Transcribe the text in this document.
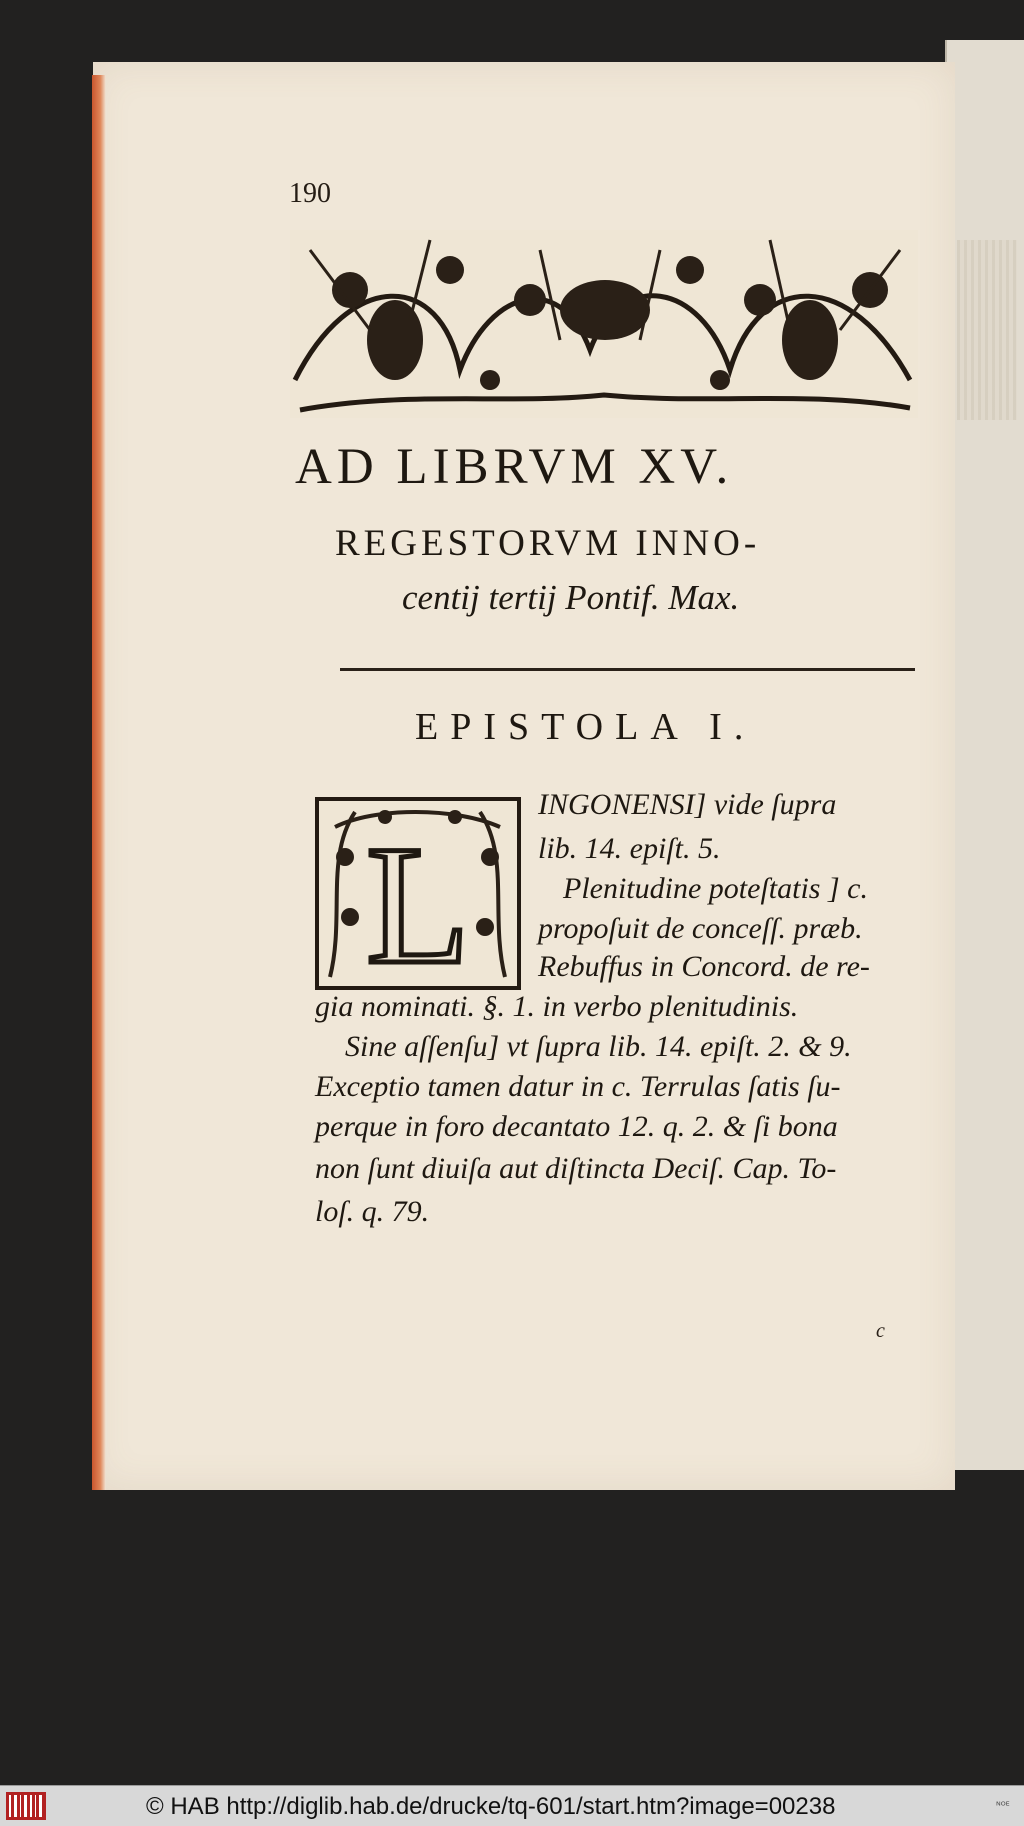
190
AD LIBRVM XV.
REGESTORVM INNO-
centij tertij Pontif. Max.
EPISTOLA I.
L
INGONENSI] vide ſupra
lib. 14. epiſt. 5.
Plenitudine poteſtatis ] c.
propoſuit de conceſſ. præb.
Rebuffus in Concord. de re-
gia nominati. §. 1. in verbo plenitudinis.
Sine aſſenſu] vt ſupra lib. 14. epiſt. 2. & 9.
Exceptio tamen datur in c. Terrulas ſatis ſu-
perque in foro decantato 12. q. 2. & ſi bona
non ſunt diuiſa aut diſtincta Deciſ. Cap. To-
loſ. q. 79.
c
© HAB http://diglib.hab.de/drucke/tq-601/start.htm?image=00238	ᴺᴼᴱ
